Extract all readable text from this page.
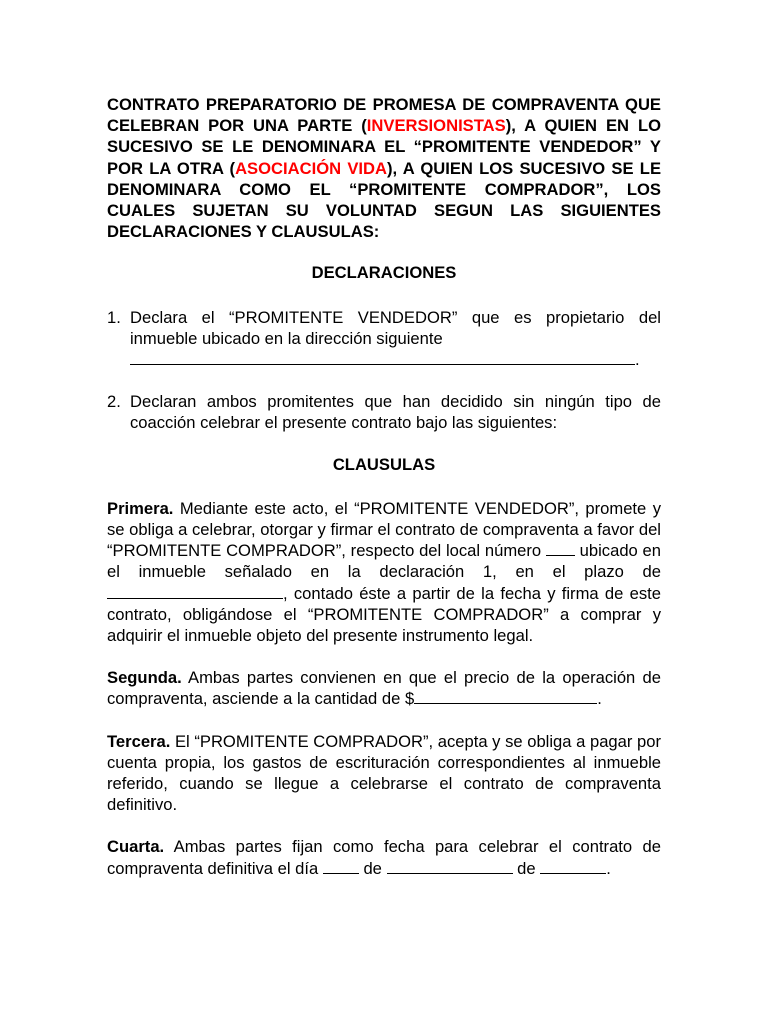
CONTRATO PREPARATORIO DE PROMESA DE COMPRAVENTA QUE CELEBRAN POR UNA PARTE (INVERSIONISTAS), A QUIEN EN LO SUCESIVO SE LE DENOMINARA EL “PROMITENTE VENDEDOR” Y POR LA OTRA (ASOCIACIÓN VIDA), A QUIEN LOS SUCESIVO SE LE DENOMINARA COMO EL “PROMITENTE COMPRADOR”, LOS CUALES SUJETAN SU VOLUNTAD SEGUN LAS SIGUIENTES DECLARACIONES Y CLAUSULAS:

DECLARACIONES

1. Declara el “PROMITENTE VENDEDOR” que es propietario del inmueble ubicado en la dirección siguiente
.
2. Declaran ambos promitentes que han decidido sin ningún tipo de coacción celebrar el presente contrato bajo las siguientes:

CLAUSULAS

Primera. Mediante este acto, el “PROMITENTE VENDEDOR”, promete y se obliga a celebrar, otorgar y firmar el contrato de compraventa a favor del “PROMITENTE COMPRADOR”, respecto del local número  ubicado en el inmueble señalado en la declaración 1, en el plazo de , contado éste a partir de la fecha y firma de este contrato, obligándose el “PROMITENTE COMPRADOR” a comprar y adquirir el inmueble objeto del presente instrumento legal.

Segunda. Ambas partes convienen en que el precio de la operación de compraventa, asciende a la cantidad de $	.

Tercera. El “PROMITENTE COMPRADOR”, acepta y se obliga a pagar por cuenta propia, los gastos de escrituración correspondientes al inmueble referido, cuando se llegue a celebrarse el contrato de compraventa definitivo.

Cuarta. Ambas partes fijan como fecha para celebrar el contrato de compraventa definitiva el día  de	de	.
